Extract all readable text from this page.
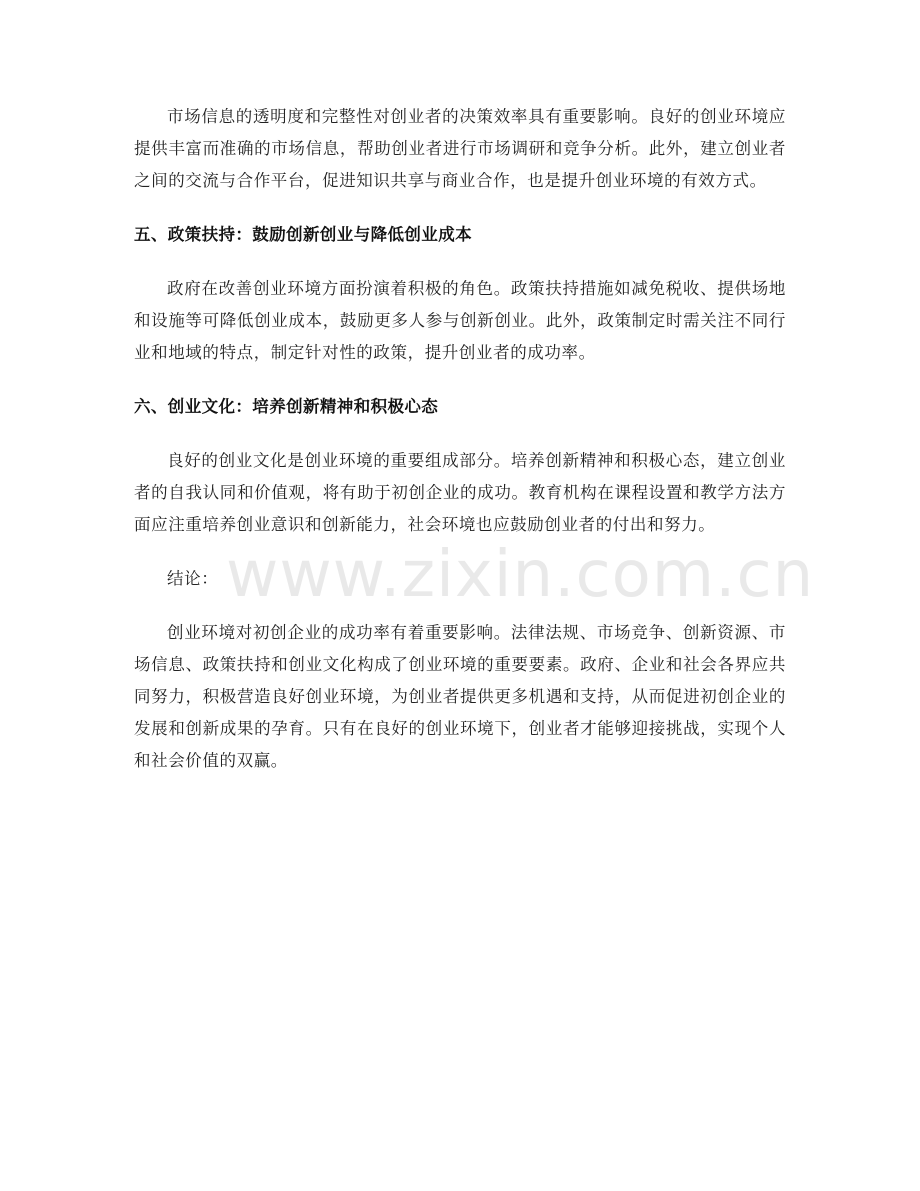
www.zixin.com.cn

市场信息的透明度和完整性对创业者的决策效率具有重要影响。良好的创业环境应提供丰富而准确的市场信息，帮助创业者进行市场调研和竞争分析。此外，建立创业者之间的交流与合作平台，促进知识共享与商业合作，也是提升创业环境的有效方式。

五、政策扶持：鼓励创新创业与降低创业成本

政府在改善创业环境方面扮演着积极的角色。政策扶持措施如减免税收、提供场地和设施等可降低创业成本，鼓励更多人参与创新创业。此外，政策制定时需关注不同行业和地域的特点，制定针对性的政策，提升创业者的成功率。

六、创业文化：培养创新精神和积极心态

良好的创业文化是创业环境的重要组成部分。培养创新精神和积极心态，建立创业者的自我认同和价值观，将有助于初创企业的成功。教育机构在课程设置和教学方法方面应注重培养创业意识和创新能力，社会环境也应鼓励创业者的付出和努力。

结论：

创业环境对初创企业的成功率有着重要影响。法律法规、市场竞争、创新资源、市场信息、政策扶持和创业文化构成了创业环境的重要要素。政府、企业和社会各界应共同努力，积极营造良好创业环境，为创业者提供更多机遇和支持，从而促进初创企业的发展和创新成果的孕育。只有在良好的创业环境下，创业者才能够迎接挑战，实现个人和社会价值的双赢。
